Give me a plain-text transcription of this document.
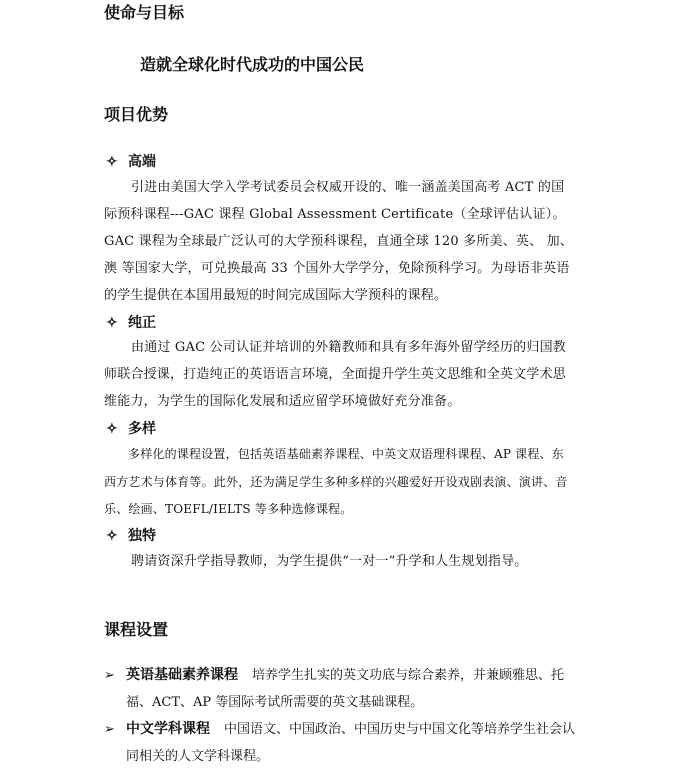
使命与目标
造就全球化时代成功的中国公民
项目优势
✧ 高端
引进由美国大学入学考试委员会权威开设的、唯一涵盖美国高考 ACT 的国际预科课程---GAC 课程 Global Assessment Certificate（全球评估认证）。GAC 课程为全球最广泛认可的大学预科课程，直通全球 120 多所美、英、 加、 澳 等国家大学，可兑换最高 33 个国外大学学分，免除预科学习。为母语非英语的学生提供在本国用最短的时间完成国际大学预科的课程。
✧ 纯正
由通过 GAC 公司认证并培训的外籍教师和具有多年海外留学经历的归国教师联合授课，打造纯正的英语语言环境，全面提升学生英文思维和全英文学术思维能力，为学生的国际化发展和适应留学环境做好充分准备。
✧ 多样
多样化的课程设置，包括英语基础素养课程、中英文双语理科课程、AP 课程、东西方艺术与体育等。此外，还为满足学生多种多样的兴趣爱好开设戏剧表演、演讲、音乐、绘画、TOEFL/IELTS 等多种选修课程。
✧ 独特
聘请资深升学指导教师，为学生提供“一对一”升学和人生规划指导。
课程设置
➢ 英语基础素养课程 培养学生扎实的英文功底与综合素养，并兼顾雅思、托福、ACT、AP 等国际考试所需要的英文基础课程。
➢ 中文学科课程 中国语文、中国政治、中国历史与中国文化等培养学生社会认同相关的人文学科课程。
